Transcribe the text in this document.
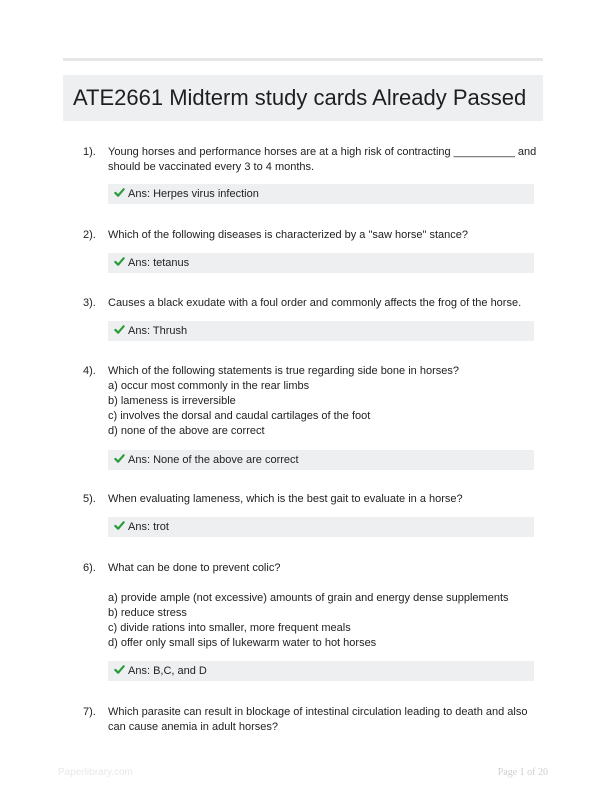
ATE2661 Midterm study cards Already Passed
1). Young horses and performance horses are at a high risk of contracting __________ and
should be vaccinated every 3 to 4 months.
Ans: Herpes virus infection
2). Which of the following diseases is characterized by a "saw horse" stance?
Ans: tetanus
3). Causes a black exudate with a foul order and commonly affects the frog of the horse.
Ans: Thrush
4). Which of the following statements is true regarding side bone in horses?
a) occur most commonly in the rear limbs
b) lameness is irreversible
c) involves the dorsal and caudal cartilages of the foot
d) none of the above are correct
Ans: None of the above are correct
5). When evaluating lameness, which is the best gait to evaluate in a horse?
Ans: trot
6). What can be done to prevent colic?
a) provide ample (not excessive) amounts of grain and energy dense supplements
b) reduce stress
c) divide rations into smaller, more frequent meals
d) offer only small sips of lukewarm water to hot horses
Ans: B,C, and D
7). Which parasite can result in blockage of intestinal circulation leading to death and also
can cause anemia in adult horses?
Paperlibrary.com	Page 1 of 20
